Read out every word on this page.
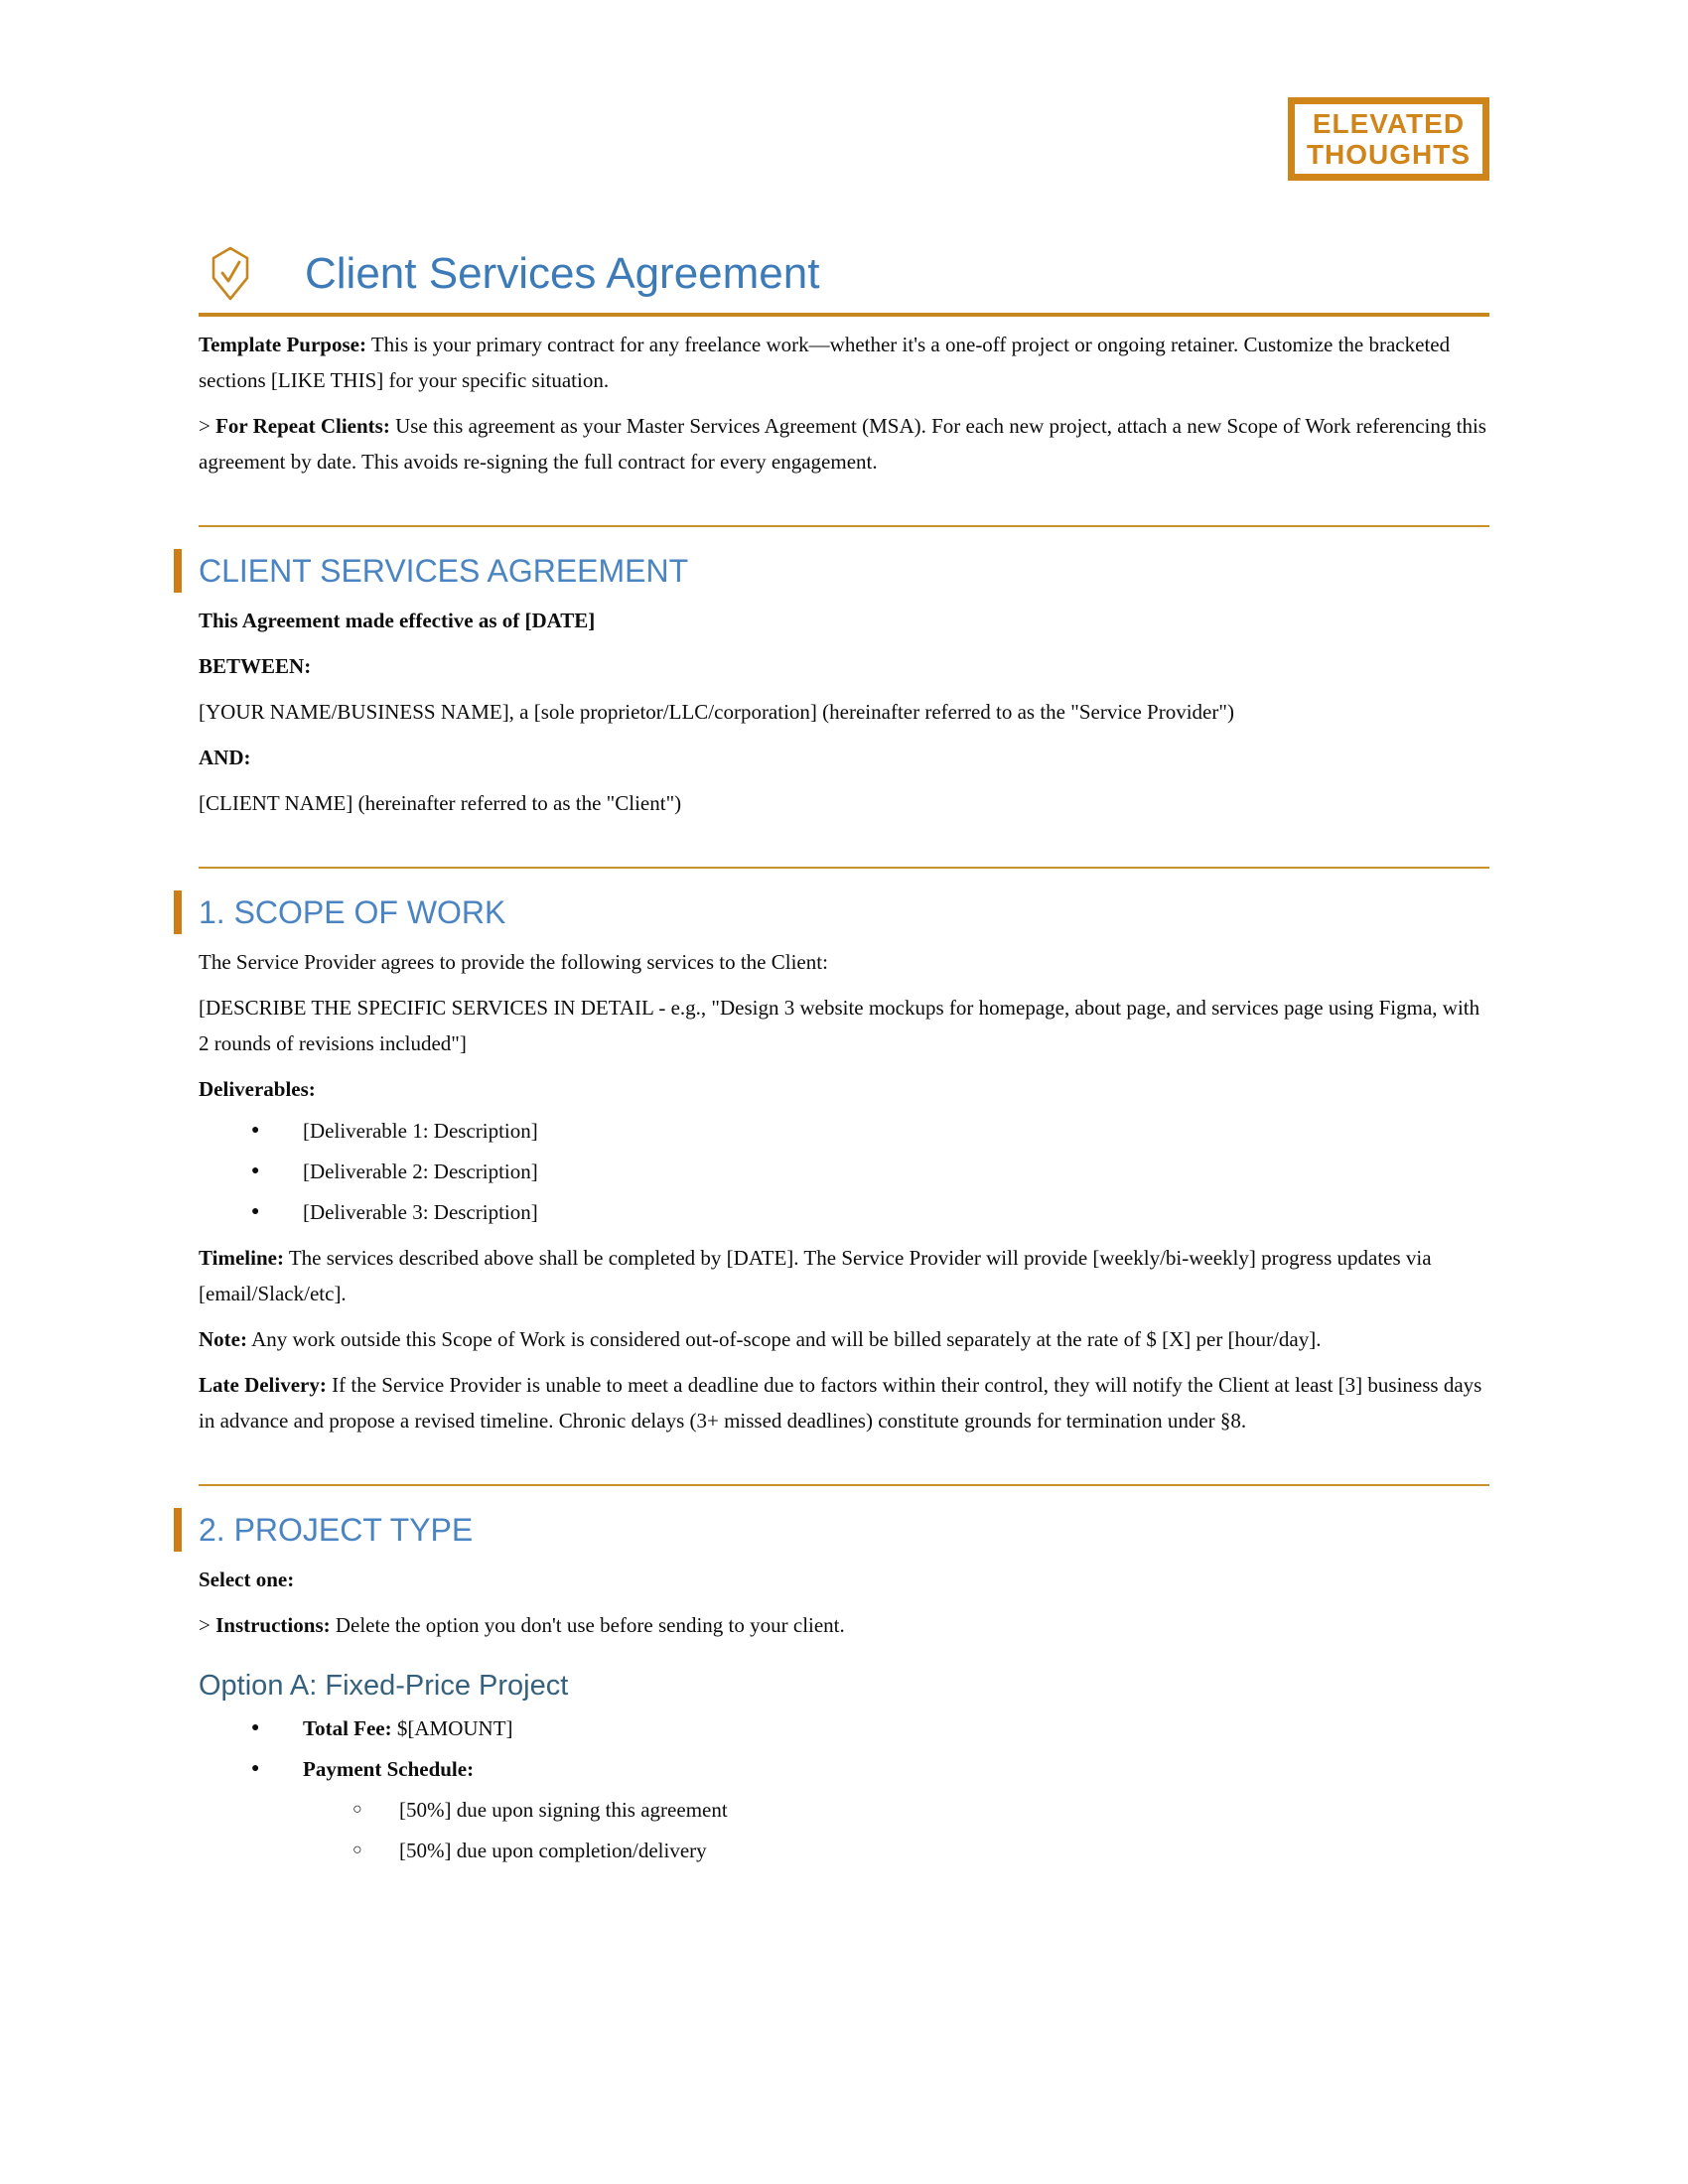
ELEVATED
THOUGHTS
Client Services Agreement

Template Purpose: This is your primary contract for any freelance work—whether it's a one-off project or ongoing retainer. Customize the bracketed sections [LIKE THIS] for your specific situation.

> For Repeat Clients: Use this agreement as your Master Services Agreement (MSA). For each new project, attach a new Scope of Work referencing this agreement by date. This avoids re-signing the full contract for every engagement.

CLIENT SERVICES AGREEMENT

This Agreement made effective as of [DATE]

BETWEEN:

[YOUR NAME/BUSINESS NAME], a [sole proprietor/LLC/corporation] (hereinafter referred to as the "Service Provider")

AND:

[CLIENT NAME] (hereinafter referred to as the "Client")

1. SCOPE OF WORK

The Service Provider agrees to provide the following services to the Client:

[DESCRIBE THE SPECIFIC SERVICES IN DETAIL - e.g., "Design 3 website mockups for homepage, about page, and services page using Figma, with 2 rounds of revisions included"]

Deliverables:

● [Deliverable 1: Description]
● [Deliverable 2: Description]
● [Deliverable 3: Description]

Timeline: The services described above shall be completed by [DATE]. The Service Provider will provide [weekly/bi-weekly] progress updates via [email/Slack/etc].

Note: Any work outside this Scope of Work is considered out-of-scope and will be billed separately at the rate of $ [X] per [hour/day].

Late Delivery: If the Service Provider is unable to meet a deadline due to factors within their control, they will notify the Client at least [3] business days in advance and propose a revised timeline. Chronic delays (3+ missed deadlines) constitute grounds for termination under §8.

2. PROJECT TYPE

Select one:

> Instructions: Delete the option you don't use before sending to your client.

Option A: Fixed-Price Project
● Total Fee: $[AMOUNT]
● Payment Schedule:
○ [50%] due upon signing this agreement
○ [50%] due upon completion/delivery
